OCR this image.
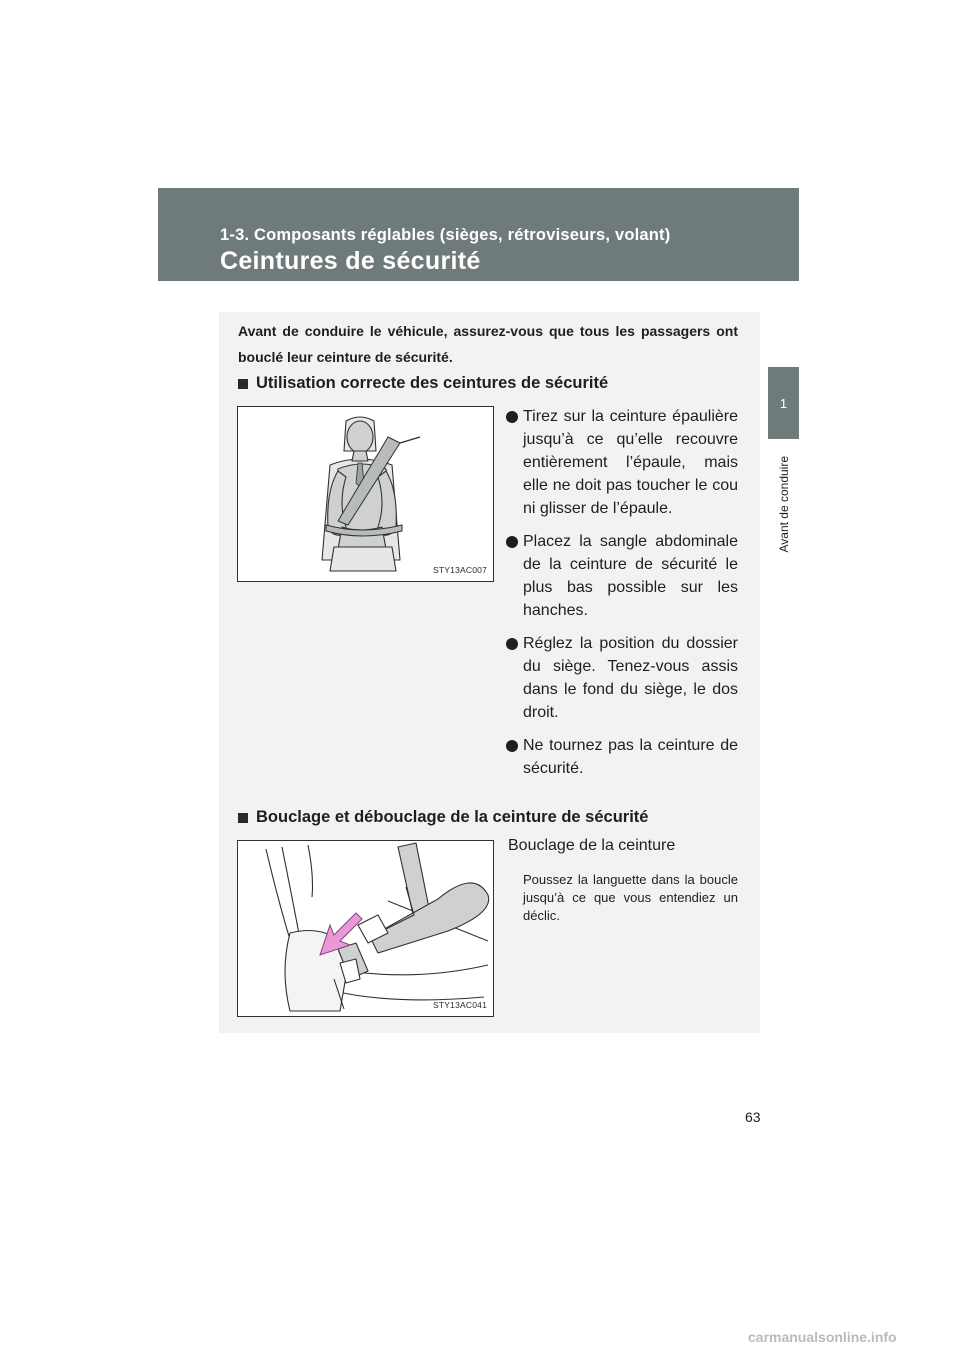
1-3. Composants réglables (sièges, rétroviseurs, volant)
Ceintures de sécurité
1
Avant de conduire
Avant de conduire le véhicule, assurez-vous que tous les passagers ont bouclé leur ceinture de sécurité.
Utilisation correcte des ceintures de sécurité
STY13AC007
Tirez sur la ceinture épaulière jusqu’à ce qu’elle recouvre entièrement l’épaule, mais elle ne doit pas toucher le cou ni glisser de l’épaule.
Placez la sangle abdominale de la ceinture de sécurité le plus bas possible sur les hanches.
Réglez la position du dossier du siège. Tenez-vous assis dans le fond du siège, le dos droit.
Ne tournez pas la ceinture de sécurité.
Bouclage et débouclage de la ceinture de sécurité
STY13AC041
Bouclage de la ceinture
Poussez la languette dans la boucle jusqu’à ce que vous entendiez un déclic.
63
carmanualsonline.info
